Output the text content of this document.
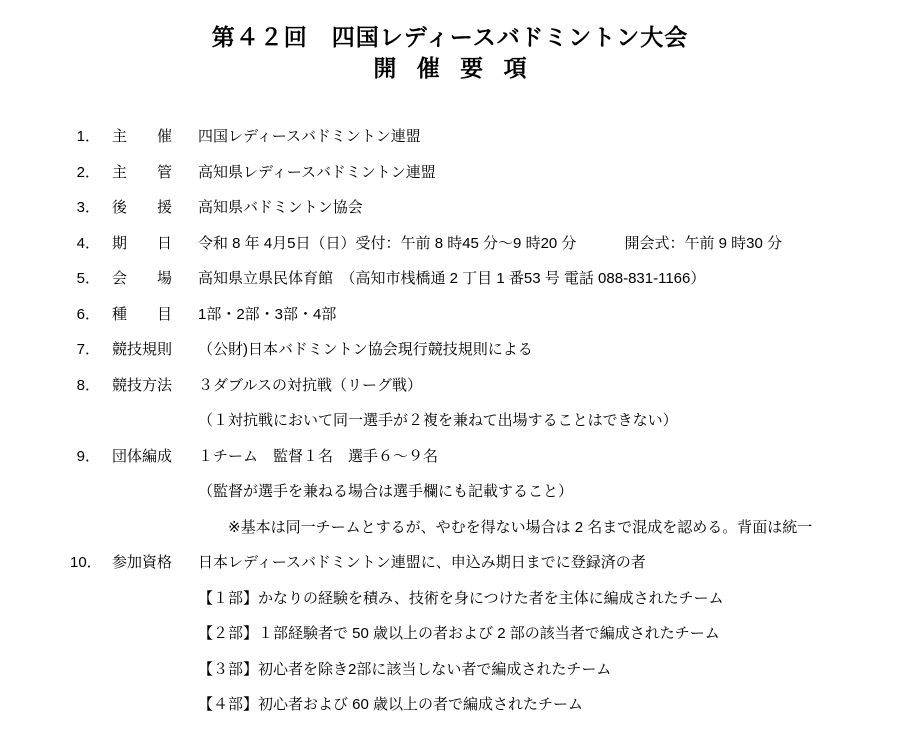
第４２回　四国レディースバドミントン大会
開 催 要 項
1． 主　　催	四国レディースバドミントン連盟
2． 主　　管	高知県レディースバドミントン連盟
3． 後　　援	高知県バドミントン協会
4． 期　　日	令和 8 年 4月5日（日）受付：午前 8 時45 分〜9 時20 分	開会式：午前 9 時30 分
5． 会　　場	高知県立県民体育館　（高知市桟橋通 2 丁目 1 番53 号 電話 088-831-1166）
6． 種　　目	1部・2部・3部・4部
7． 競技規則	（公財)日本バドミントン協会現行競技規則による
8． 競技方法	３ダブルスの対抗戦（リーグ戦）
（１対抗戦において同一選手が２複を兼ねて出場することはできない）
9． 団体編成	１チーム　監督１名　選手６〜９名
（監督が選手を兼ねる場合は選手欄にも記載すること）
※基本は同一チームとするが、やむを得ない場合は 2 名まで混成を認める。背面は統一
10． 参加資格	日本レディースバドミントン連盟に、申込み期日までに登録済の者
【１部】かなりの経験を積み、技術を身につけた者を主体に編成されたチーム
【２部】１部経験者で 50 歳以上の者および 2 部の該当者で編成されたチーム
【３部】初心者を除き2部に該当しない者で編成されたチーム
【４部】初心者および 60 歳以上の者で編成されたチーム
